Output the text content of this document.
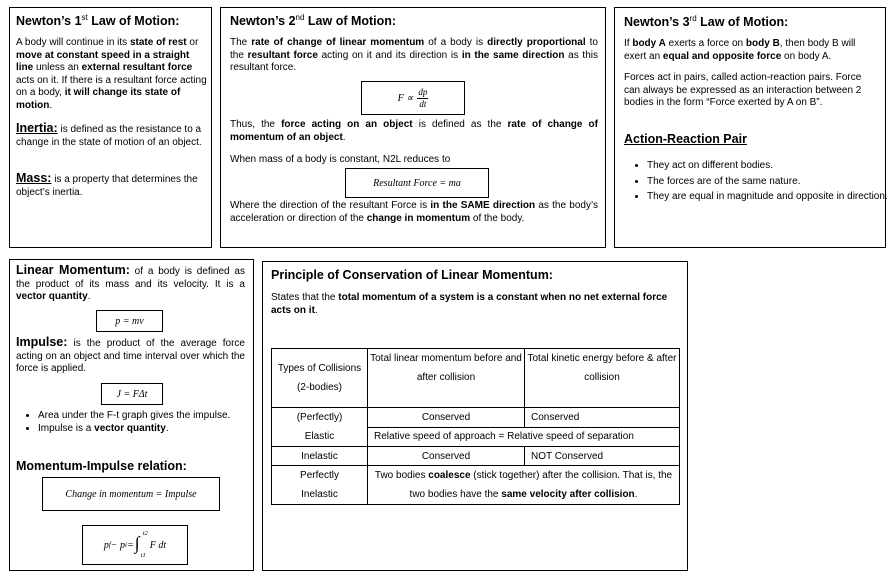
Newton’s 1st Law of Motion:
A body will continue in its state of rest or move at constant speed in a straight line unless an external resultant force acts on it. If there is a resultant force acting on a body, it will change its state of motion.
Inertia: is defined as the resistance to a change in the state of motion of an object.
Mass: is a property that determines the object’s inertia.
Newton’s 2nd Law of Motion:
The rate of change of linear momentum of a body is directly proportional to the resultant force acting on it and its direction is in the same direction as this resultant force.
F ∝
dp
dt
Thus, the force acting on an object is defined as the rate of change of momentum of an object.
When mass of a body is constant, N2L reduces to
Resultant Force = ma
Where the direction of the resultant Force is in the SAME direction as the body’s acceleration or direction of the change in momentum of the body.
Newton’s 3rd Law of Motion:
If body A exerts a force on body B, then body B will exert an equal and opposite force on body A.
Forces act in pairs, called action-reaction pairs. Force can always be expressed as an interaction between 2 bodies in the form “Force exerted by A on B”.
Action-Reaction Pair
• They act on different bodies.
• The forces are of the same nature.
• They are equal in magnitude and opposite in direction.
Linear Momentum: of a body is defined as the product of its mass and its velocity. It is a vector quantity.
p = mv
Impulse: is the product of the average force acting on an object and time interval over which the force is applied.
J = FΔt
• Area under the F-t graph gives the impulse.
• Impulse is a vector quantity.
Momentum-Impulse relation:
Change in momentum = Impulse
p f − p i = ∫ t2
t1
F dt
Principle of Conservation of Linear Momentum:
States that the total momentum of a system is a constant when no net external force acts on it.
Types of Collisions (2-bodies)	Total linear momentum before and after collision	Total kinetic energy before & after collision
(Perfectly)
Elastic	Conserved	Conserved
	Relative speed of approach = Relative speed of separation	
Inelastic	Conserved	NOT Conserved
Perfectly Inelastic	Two bodies coalesce (stick together) after the collision. That is, the two bodies have the same velocity after collision.	
